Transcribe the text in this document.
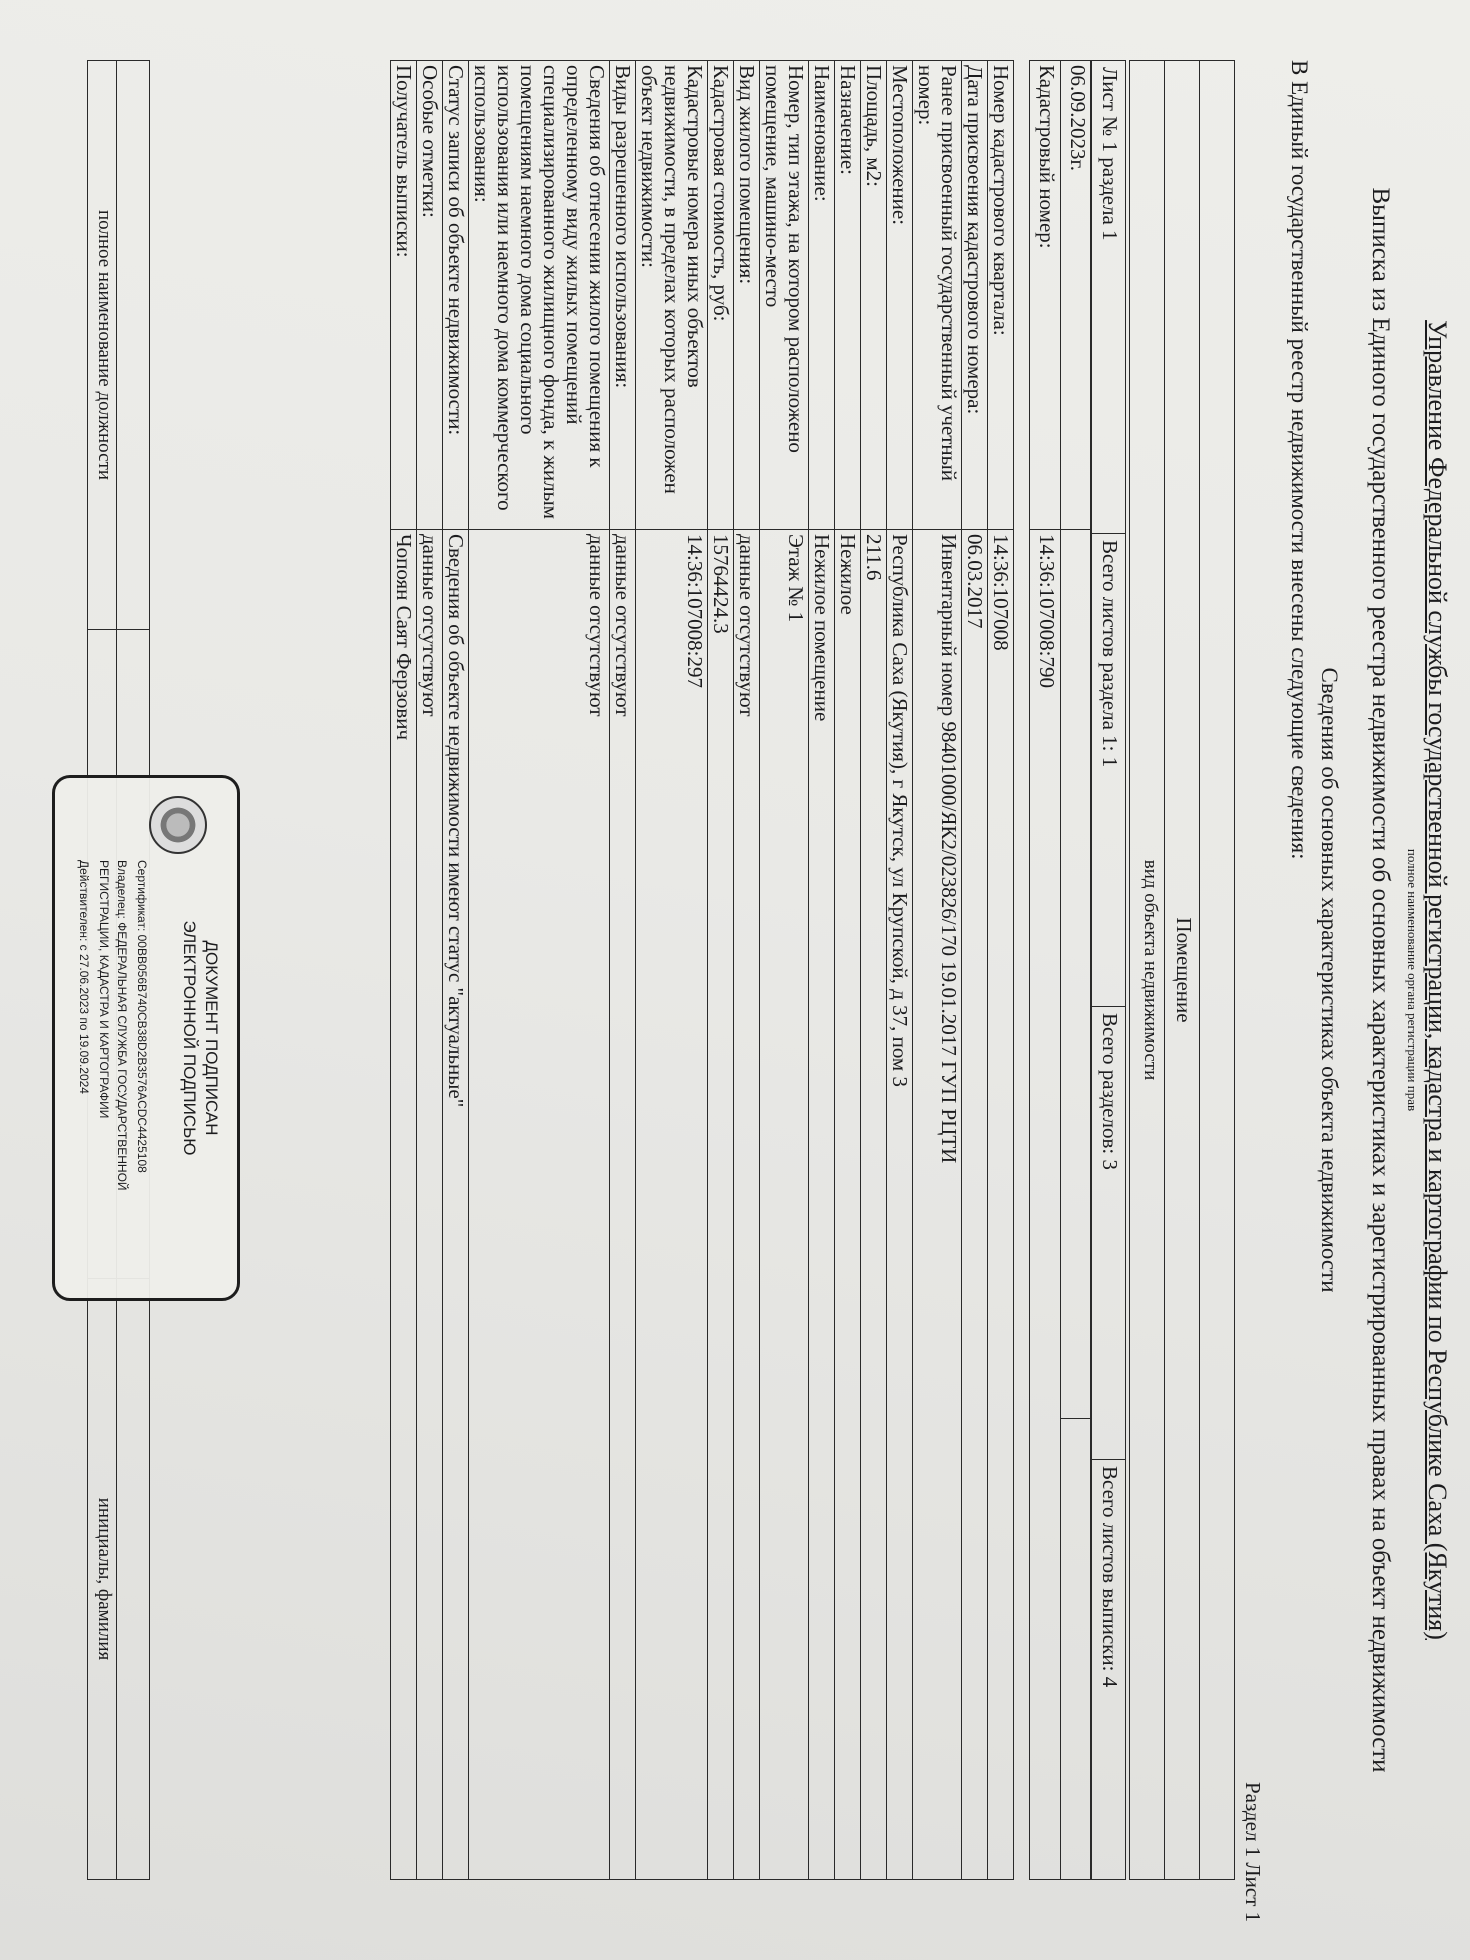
Управление Федеральной службы государственной регистрации, кадастра и картографии по Республике Саха (Якутия)
полное наименование органа регистрации прав
Выписка из Единого государственного реестра недвижимости об основных характеристиках и зарегистрированных правах на объект недвижимости
Сведения об основных характеристиках объекта недвижимости
В Единый государственный реестр недвижимости внесены следующие сведения:
Раздел 1 Лист 1

Помещение
вид объекта недвижимости
Лист № 1 раздела 1	Всего листов раздела 1: 1	Всего разделов: 3	Всего листов выписки: 4
06.09.2023г.		
Кадастровый номер:	14:36:107008:790	
Номер кадастрового квартала:	14:36:107008
Дата присвоения кадастрового номера:	06.03.2017
Ранее присвоенный государственный учетный номер:	Инвентарный номер 98401000/ЯК2/023826/170 19.01.2017 ГУП РЦТИ
Местоположение:	Республика Саха (Якутия), г Якутск, ул Крупской, д 37, пом 3
Площадь, м2:	211.6
Назначение:	Нежилое
Наименование:	Нежилое помещение
Номер, тип этажа, на котором расположено помещение, машино-место	Этаж № 1
Вид жилого помещения:	данные отсутствуют
Кадастровая стоимость, руб:	15764424.3
Кадастровые номера иных объектов недвижимости, в пределах которых расположен объект недвижимости:	14:36:107008:297
Виды разрешенного использования:	данные отсутствуют
Сведения об отнесении жилого помещения к определенному виду жилых помещений специализированного жилищного фонда, к жилым помещениям наемного дома социального использования или наемного дома коммерческого использования:	данные отсутствуют
Статус записи об объекте недвижимости:	Сведения об объекте недвижимости имеют статус "актуальные"
Особые отметки:	данные отсутствуют
Получатель выписки:	Чопоян Саят Ферзович

полное наименование должности		инициалы, фамилия
ДОКУМЕНТ ПОДПИСАН
ЭЛЕКТРОННОЙ ПОДПИСЬЮ
Сертификат: 00BB056B740CB38D2B3576ACDC4425108
Владелец: ФЕДЕРАЛЬНАЯ СЛУЖБА ГОСУДАРСТВЕННОЙ
РЕГИСТРАЦИИ, КАДАСТРА И КАРТОГРАФИИ
Действителен: с 27.06.2023 по 19.09.2024
